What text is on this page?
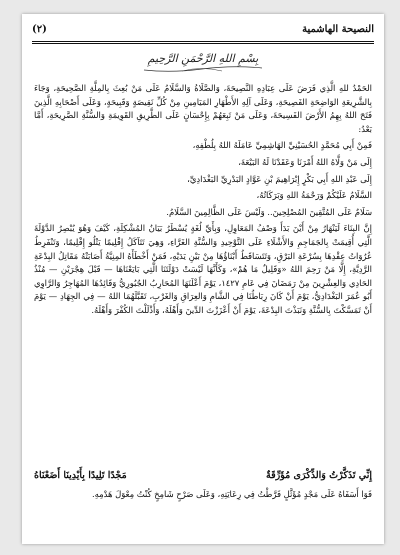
النصيحة الهاشمية
(٢)
بِسْمِ اللهِ الرَّحْمَنِ الرَّحِيمِ

الحَمْدُ للهِ الَّذِي فَرَضَ عَلَى عِبَادِهِ النَّصِيحَةَ، وَالصَّلَاةُ وَالسَّلَامُ عَلَى مَنْ بُعِثَ بِالمِلَّةِ الصَّحِيحَةِ، وَجَاءَ بِالشَّرِيعَةِ الوَاضِحَةِ الفَصِيحَةِ، وَعَلَى آلِهِ الأَطْهَارِ المَيَامِينِ مِنْ كُلِّ نَقِيصَةٍ وَقَبِيحَةٍ، وَعَلَى أَصْحَابِهِ الَّذِينَ فَتَحَ اللهُ بِهِمُ الأَرْضَ الفَسِيحَةَ، وَعَلَى مَنْ تَبِعَهُمْ بِإِحْسَانٍ عَلَى الطَّرِيقِ القَوِيمَةِ وَالسُّنَّةِ الصَّرِيحَةِ، أَمَّا بَعْدُ:

فَمِنْ أَبِي مُحَمَّدٍ الحُسَيْنِيِّ الهَاشِمِيِّ عَامَلَهُ اللهُ بِلُطْفِهِ،

إِلَى مَنْ وَلَّاهُ اللهُ أَمْرَنَا وَعَقَدْنَا لَهُ البَيْعَةَ،

إِلَى عَبْدِ اللهِ أَبِي بَكْرٍ إِبْرَاهِيمَ بْنِ عَوَّادٍ البَدْرِيِّ البَغْدَادِيِّ،

السَّلَامُ عَلَيْكُمْ وَرَحْمَةُ اللهِ وَبَرَكَاتُهُ،

سَلَامٌ عَلَى المُتَّقِينَ المُصْلِحِينَ.. وَلَيْسَ عَلَى الظَّالِمِينَ السَّلَامُ.

إِنَّ البِنَاءَ لَيَنْهَارُ مِنْ أَيْنَ بَدَأَ وَصْفُ المَعَاوِلِ، وَبِأَيِّ لُغَةٍ يُسْطَرُ بَيَانُ المُشْكِلَةِ، كَيْفَ وَهُوَ يُبْصِرُ الدَّوْلَةَ الَّتِي أُقِيمَتْ بِالجَمَاجِمِ وَالأَشْلَاءِ عَلَى التَّوْحِيدِ وَالسُّنَّةِ الغَرَّاءِ، وَهِيَ تَتَآكَلُ إِقْلِيمًا يَتْلُو إِقْلِيمًا، وَتَنْفَرِطُ عُرُوَاتُ عِقْدِهَا بِسُرْعَةِ البَرْقِ، وَتَتَسَاقَطُ أَبْنَاؤُهَا مِنْ بَيْنِ يَدَيْهِ، فَمَنْ أَخْطَأَهُ المِنِيَّةُ أَصَابَتْهُ مَقَاتِلُ البِدْعَةِ الرَّدِيَّةِ، إِلَّا مَنْ رَحِمَ اللهُ «وَقَلِيلٌ مَا هُمْ»، وَكَأَنَّهَا لَيْسَتْ دَوْلَتَنَا الَّتِي بَايَعْنَاهَا — قَبْلَ هِجْرَيْنِ — مُنْذُ الحَادِي وَالعِشْرِينَ مِنْ رَمَضَانَ فِي عَامِ ١٤٢٧، يَوْمَ أَعْلَنَهَا المُحَارِبُ الجُبُورِيُّ وَقَائِدُهَا المُهَاجِرُ وَالرَّاوِي أَبُو عُمَرَ البَغْدَادِيُّ، يَوْمَ أَنْ كَانَ رِبَاطُنَا فِي الشَّامِ وَالعِرَاقِ وَالغَرْبِ، تَقَبَّلَهُمَا اللهُ — فِي الجِهَادِ — يَوْمَ أَنْ تَمَسَّكْتَ بِالسُّنَّةِ وَنَبَذْتَ البِدْعَةَ، يَوْمَ أَنْ أَعْزَزْتَ الدِّينَ وَأَهْلَهُ، وَأَذْلَلْتَ الكُفْرَ وَأَهْلَهُ.

إِنِّي تَذَكَّرْتُ وَالذِّكْرَى مُؤَرِّقَةٌ
مَجْدًا تَلِيدًا بِأَيْدِينَا أَضَعْنَاهُ
فَوَا أَسَفَاهُ عَلَى مَجْدٍ مُؤَثَّلٍ فَرَّطْتُ فِي رِعَايَتِهِ، وَعَلَى صَرْحٍ شَامِخٍ كُنْتُ مِعْوَلَ هَدْمِهِ.
